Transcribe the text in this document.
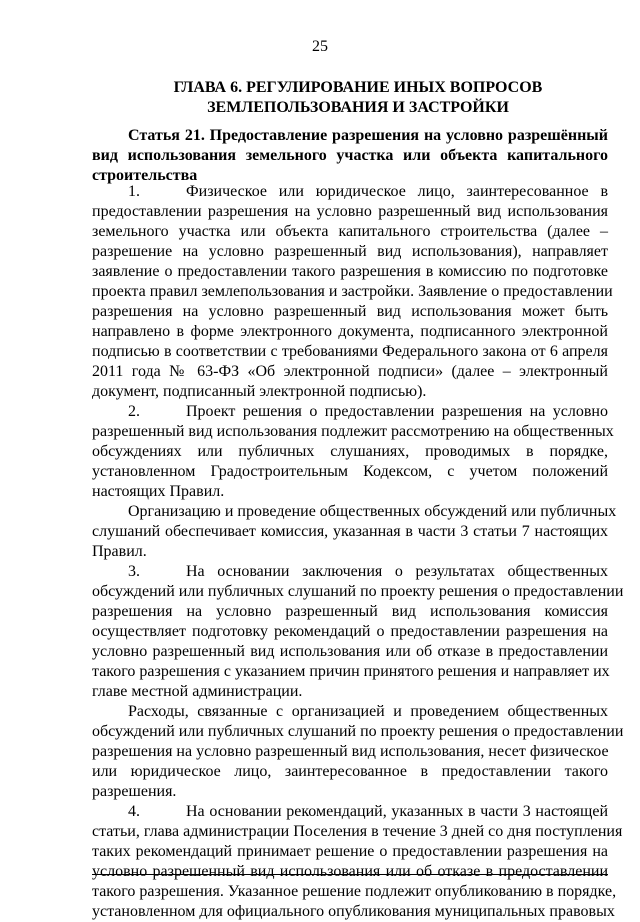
25
ГЛАВА 6. РЕГУЛИРОВАНИЕ ИНЫХ ВОПРОСОВ
ЗЕМЛЕПОЛЬЗОВАНИЯ И ЗАСТРОЙКИ
Статья 21. Предоставление разрешения на условно разрешённый
вид использования земельного участка или объекта капитального
строительства
1.	Физическое или юридическое лицо, заинтересованное в
предоставлении разрешения на условно разрешенный вид использования
земельного участка или объекта капитального строительства (далее –
разрешение на условно разрешенный вид использования), направляет
заявление о предоставлении такого разрешения в комиссию по подготовке
проекта правил землепользования и застройки. Заявление о предоставлении
разрешения на условно разрешенный вид использования может быть
направлено в форме электронного документа, подписанного электронной
подписью в соответствии с требованиями Федерального закона от 6 апреля
2011 года № 63-ФЗ «Об электронной подписи» (далее – электронный
документ, подписанный электронной подписью).
2.	Проект решения о предоставлении разрешения на условно
разрешенный вид использования подлежит рассмотрению на общественных
обсуждениях или публичных слушаниях, проводимых в порядке,
установленном Градостроительным Кодексом, с учетом положений
настоящих Правил.
Организацию и проведение общественных обсуждений или публичных
слушаний обеспечивает комиссия, указанная в части 3 статьи 7 настоящих
Правил.
3.	На основании заключения о результатах общественных
обсуждений или публичных слушаний по проекту решения о предоставлении
разрешения на условно разрешенный вид использования комиссия
осуществляет подготовку рекомендаций о предоставлении разрешения на
условно разрешенный вид использования или об отказе в предоставлении
такого разрешения с указанием причин принятого решения и направляет их
главе местной администрации.
Расходы, связанные с организацией и проведением общественных
обсуждений или публичных слушаний по проекту решения о предоставлении
разрешения на условно разрешенный вид использования, несет физическое
или юридическое лицо, заинтересованное в предоставлении такого
разрешения.
4.	На основании рекомендаций, указанных в части 3 настоящей
статьи, глава администрации Поселения в течение 3 дней со дня поступления
таких рекомендаций принимает решение о предоставлении разрешения на
условно разрешенный вид использования или об отказе в предоставлении
такого разрешения. Указанное решение подлежит опубликованию в порядке,
установленном для официального опубликования муниципальных правовых
